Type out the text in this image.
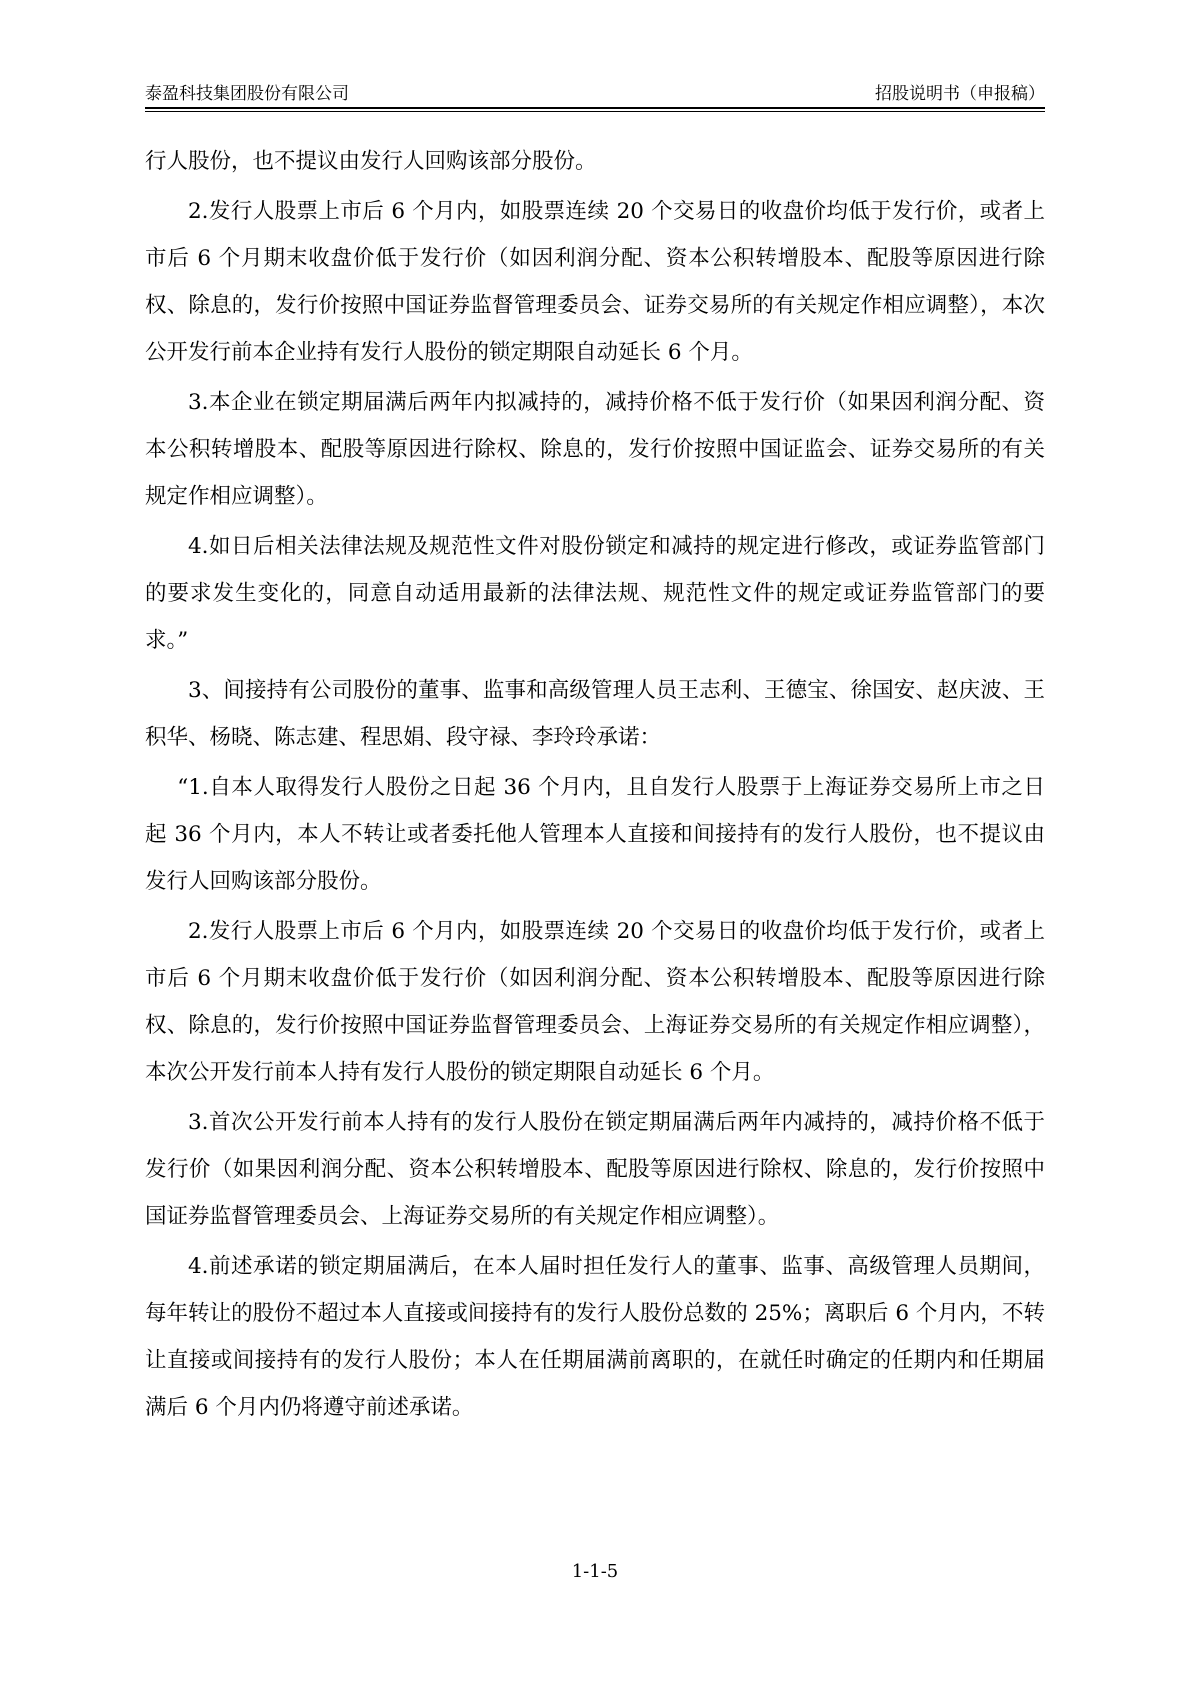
泰盈科技集团股份有限公司	招股说明书（申报稿）

行人股份，也不提议由发行人回购该部分股份。

2.发行人股票上市后 6 个月内，如股票连续 20 个交易日的收盘价均低于发行价，或者上市后 6 个月期末收盘价低于发行价（如因利润分配、资本公积转增股本、配股等原因进行除权、除息的，发行价按照中国证券监督管理委员会、证券交易所的有关规定作相应调整），本次公开发行前本企业持有发行人股份的锁定期限自动延长 6 个月。

3.本企业在锁定期届满后两年内拟减持的，减持价格不低于发行价（如果因利润分配、资本公积转增股本、配股等原因进行除权、除息的，发行价按照中国证监会、证券交易所的有关规定作相应调整）。

4.如日后相关法律法规及规范性文件对股份锁定和减持的规定进行修改，或证券监管部门的要求发生变化的，同意自动适用最新的法律法规、规范性文件的规定或证券监管部门的要求。”

3、间接持有公司股份的董事、监事和高级管理人员王志利、王德宝、徐国安、赵庆波、王积华、杨晓、陈志建、程思娟、段守禄、李玲玲承诺：

“1.自本人取得发行人股份之日起 36 个月内，且自发行人股票于上海证券交易所上市之日起 36 个月内，本人不转让或者委托他人管理本人直接和间接持有的发行人股份，也不提议由发行人回购该部分股份。

2.发行人股票上市后 6 个月内，如股票连续 20 个交易日的收盘价均低于发行价，或者上市后 6 个月期末收盘价低于发行价（如因利润分配、资本公积转增股本、配股等原因进行除权、除息的，发行价按照中国证券监督管理委员会、上海证券交易所的有关规定作相应调整），本次公开发行前本人持有发行人股份的锁定期限自动延长 6 个月。

3.首次公开发行前本人持有的发行人股份在锁定期届满后两年内减持的，减持价格不低于发行价（如果因利润分配、资本公积转增股本、配股等原因进行除权、除息的，发行价按照中国证券监督管理委员会、上海证券交易所的有关规定作相应调整）。

4.前述承诺的锁定期届满后，在本人届时担任发行人的董事、监事、高级管理人员期间，每年转让的股份不超过本人直接或间接持有的发行人股份总数的 25%；离职后 6 个月内，不转让直接或间接持有的发行人股份；本人在任期届满前离职的，在就任时确定的任期内和任期届满后 6 个月内仍将遵守前述承诺。

1-1-5
